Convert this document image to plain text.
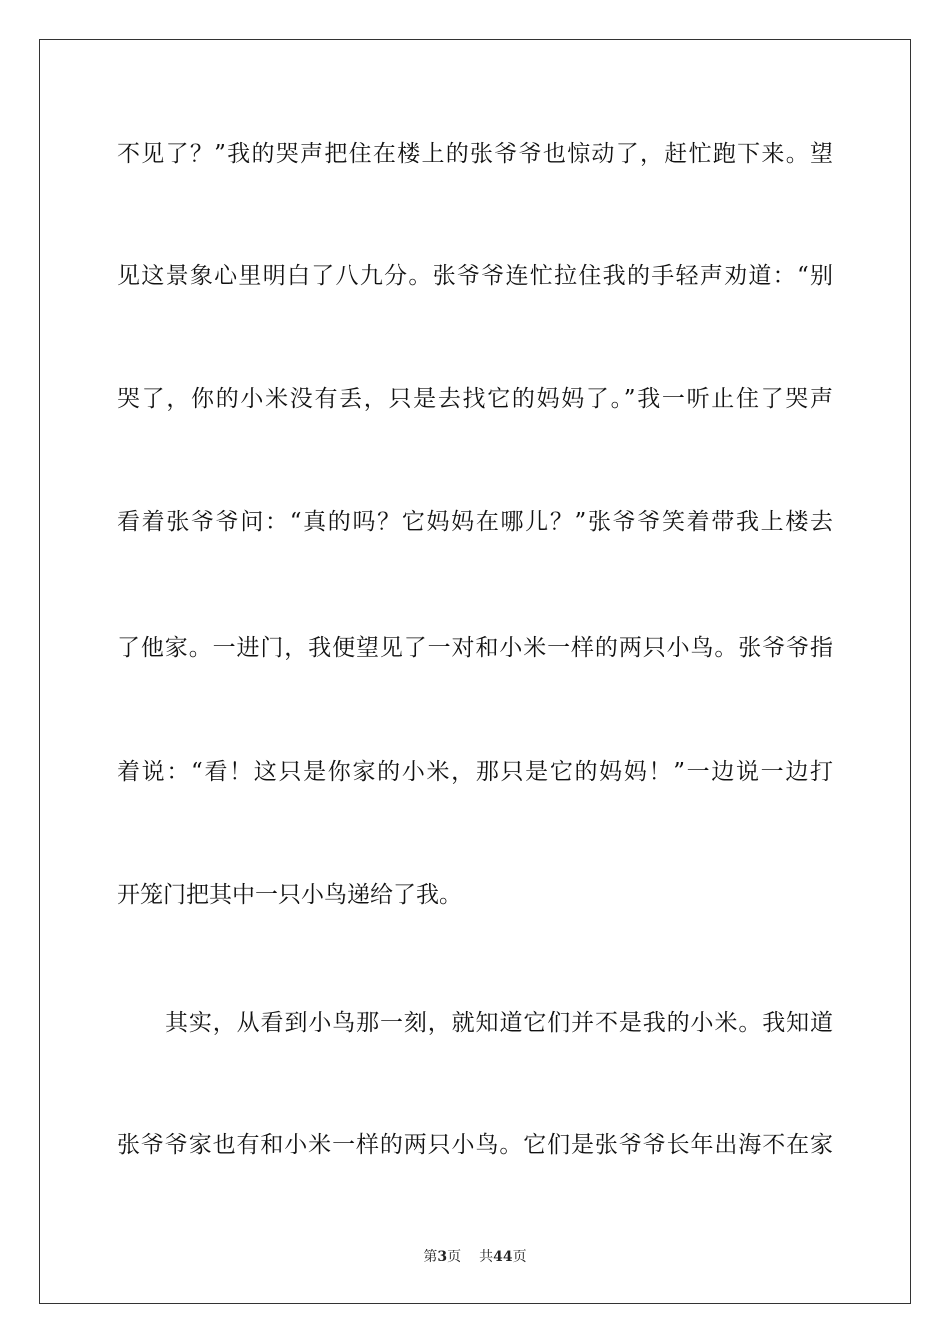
不见了？”我的哭声把住在楼上的张爷爷也惊动了，赶忙跑下来。望
见这景象心里明白了八九分。张爷爷连忙拉住我的手轻声劝道：“别
哭了，你的小米没有丢，只是去找它的妈妈了。”我一听止住了哭声
看着张爷爷问：“真的吗？它妈妈在哪儿？”张爷爷笑着带我上楼去
了他家。一进门，我便望见了一对和小米一样的两只小鸟。张爷爷指
着说：“看！这只是你家的小米，那只是它的妈妈！”一边说一边打
开笼门把其中一只小鸟递给了我。
其实，从看到小鸟那一刻，就知道它们并不是我的小米。我知道
张爷爷家也有和小米一样的两只小鸟。它们是张爷爷长年出海不在家
第3页 共44页
